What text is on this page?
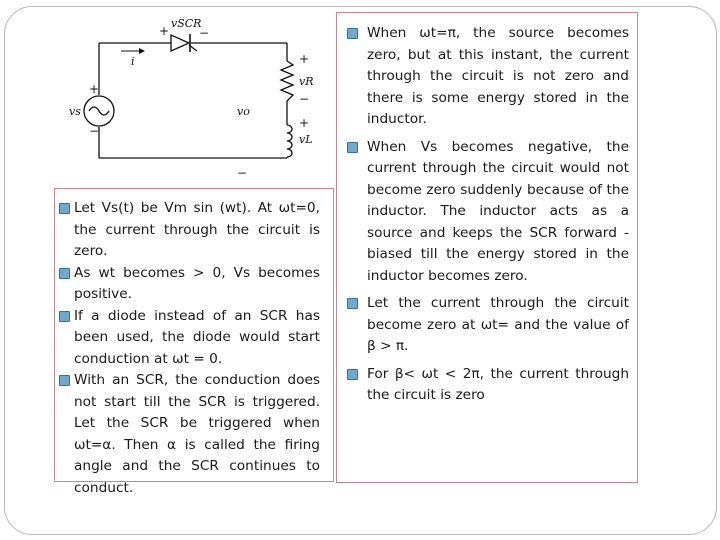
vSCR
+ −
i
vs
+
−
vR
+
−
vo
vL
+
−
Let Vs(t) be Vm sin (wt). At ωt=0, the current through the circuit is zero.
As wt becomes > 0, Vs becomes positive.
If a diode instead of an SCR has been used, the diode would start conduction at ωt = 0.
With an SCR, the conduction does not start till the SCR is triggered. Let the SCR be triggered when ωt=α. Then α is called the firing angle and the SCR continues to conduct.
When ωt=π, the source becomes zero, but at this instant, the current through the circuit is not zero and there is some energy stored in the inductor.
When Vs becomes negative, the current through the circuit would not become zero suddenly because of the inductor. The inductor acts as a source and keeps the SCR forward -biased till the energy stored in the inductor becomes zero.
Let the current through the circuit become zero at ωt= and the value of β > π.
For β< ωt < 2π, the current through the circuit is zero
